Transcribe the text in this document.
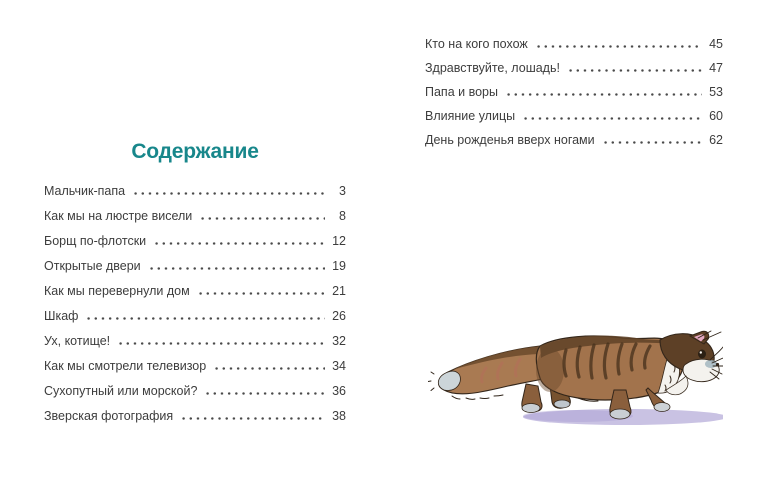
Содержание
Мальчик-папа	3
Как мы на люстре висели	8
Борщ по-флотски	12
Открытые двери	19
Как мы перевернули дом	21
Шкаф	26
Ух, котище!	32
Как мы смотрели телевизор	34
Сухопутный или морской?	36
Зверская фотография	38
Кто на кого похож	45
Здравствуйте, лошадь!	47
Папа и воры	53
Влияние улицы	60
День рожденья вверх ногами	62
